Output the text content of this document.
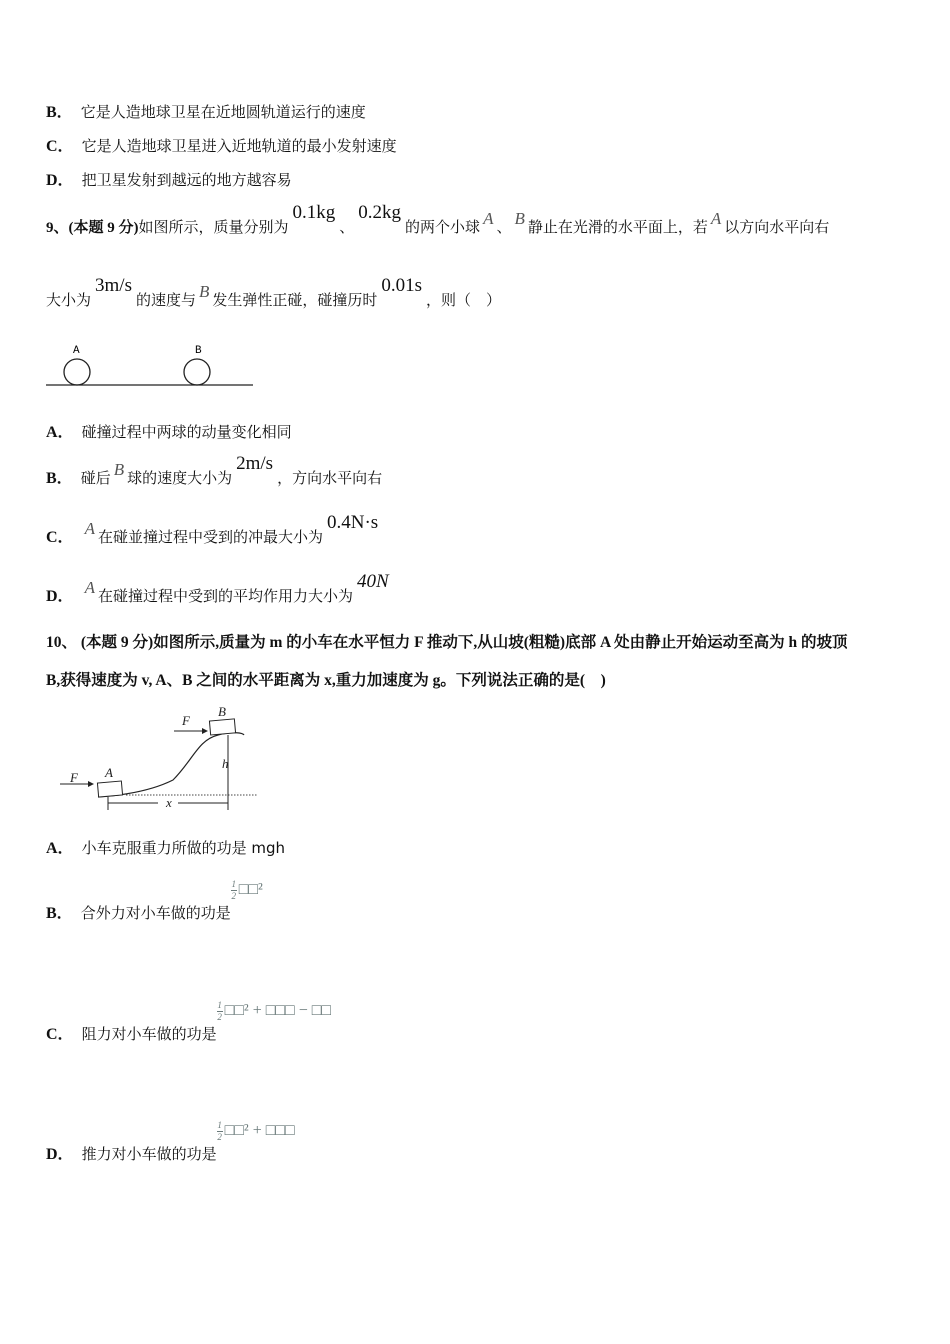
B． 它是人造地球卫星在近地圆轨道运行的速度
C． 它是人造地球卫星进入近地轨道的最小发射速度
D． 把卫星发射到越远的地方越容易
9、(本题 9 分)如图所示，质量分别为0.1kg、0.2kg的两个小球 A 、 B 静止在光滑的水平面上，若 A 以方向水平向右
大小为3m/s的速度与 B 发生弹性正碰，碰撞历时0.01s，则（　）
A	B
A． 碰撞过程中两球的动量变化相同
B． 碰后 B 球的速度大小为2m/s，方向水平向右
C． A 在碰並撞过程中受到的冲最大小为0.4N·s
D． A 在碰撞过程中受到的平均作用力大小为40N
10、 (本题 9 分)如图所示,质量为 m 的小车在水平恒力 F 推动下,从山坡(粗糙)底部 A 处由静止开始运动至高为 h 的坡顶
B,获得速度为 v, A、B 之间的水平距离为 x,重力加速度为 g。下列说法正确的是(　)
F
F
A
B
h
x
A． 小车克服重力所做的功是 mgh
B． 合外力对小车做的功是
$\frac{1}{2}$ □□²
C． 阻力对小车做的功是
$\frac{1}{2}$ □□² + □□□ − □□
D． 推力对小车做的功是
$\frac{1}{2}$ □□² + □□□
